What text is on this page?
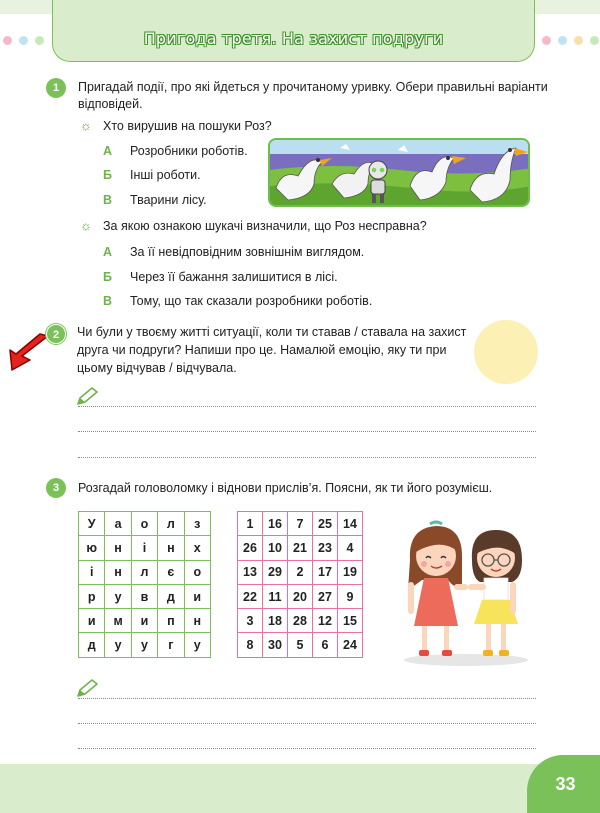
Пригода третя. На захист подруги
1	Пригадай події, про які йдеться у прочитаному уривку. Обери правильні варіанти
відповідей.
☼ Хто вирушив на пошуки Роз?
А Розробники роботів.
Б Інші роботи.
В Тварини лісу.
☼ За якою ознакою шукачі визначили, що Роз несправна?
А За її невідповідним зовнішнім виглядом.
Б Через її бажання залишитися в лісі.
В Тому, що так сказали розробники роботів.
2	Чи були у твоєму житті ситуації, коли ти ставав / ставала на захист
друга чи подруги? Напиши про це. Намалюй емоцію, яку ти при
цьому відчував / відчувала.
3	Розгадай головоломку і віднови прислів’я. Поясни, як ти його розумієш.
У	а	о	л	з
ю	н	і	н	х
і	н	л	є	о
р	у	в	д	и
и	м	и	п	н
д	у	у	г	у
1	16	7	25	14
26	10	21	23	4
13	29	2	17	19
22	11	20	27	9
3	18	28	12	15
8	30	5	6	24
33
